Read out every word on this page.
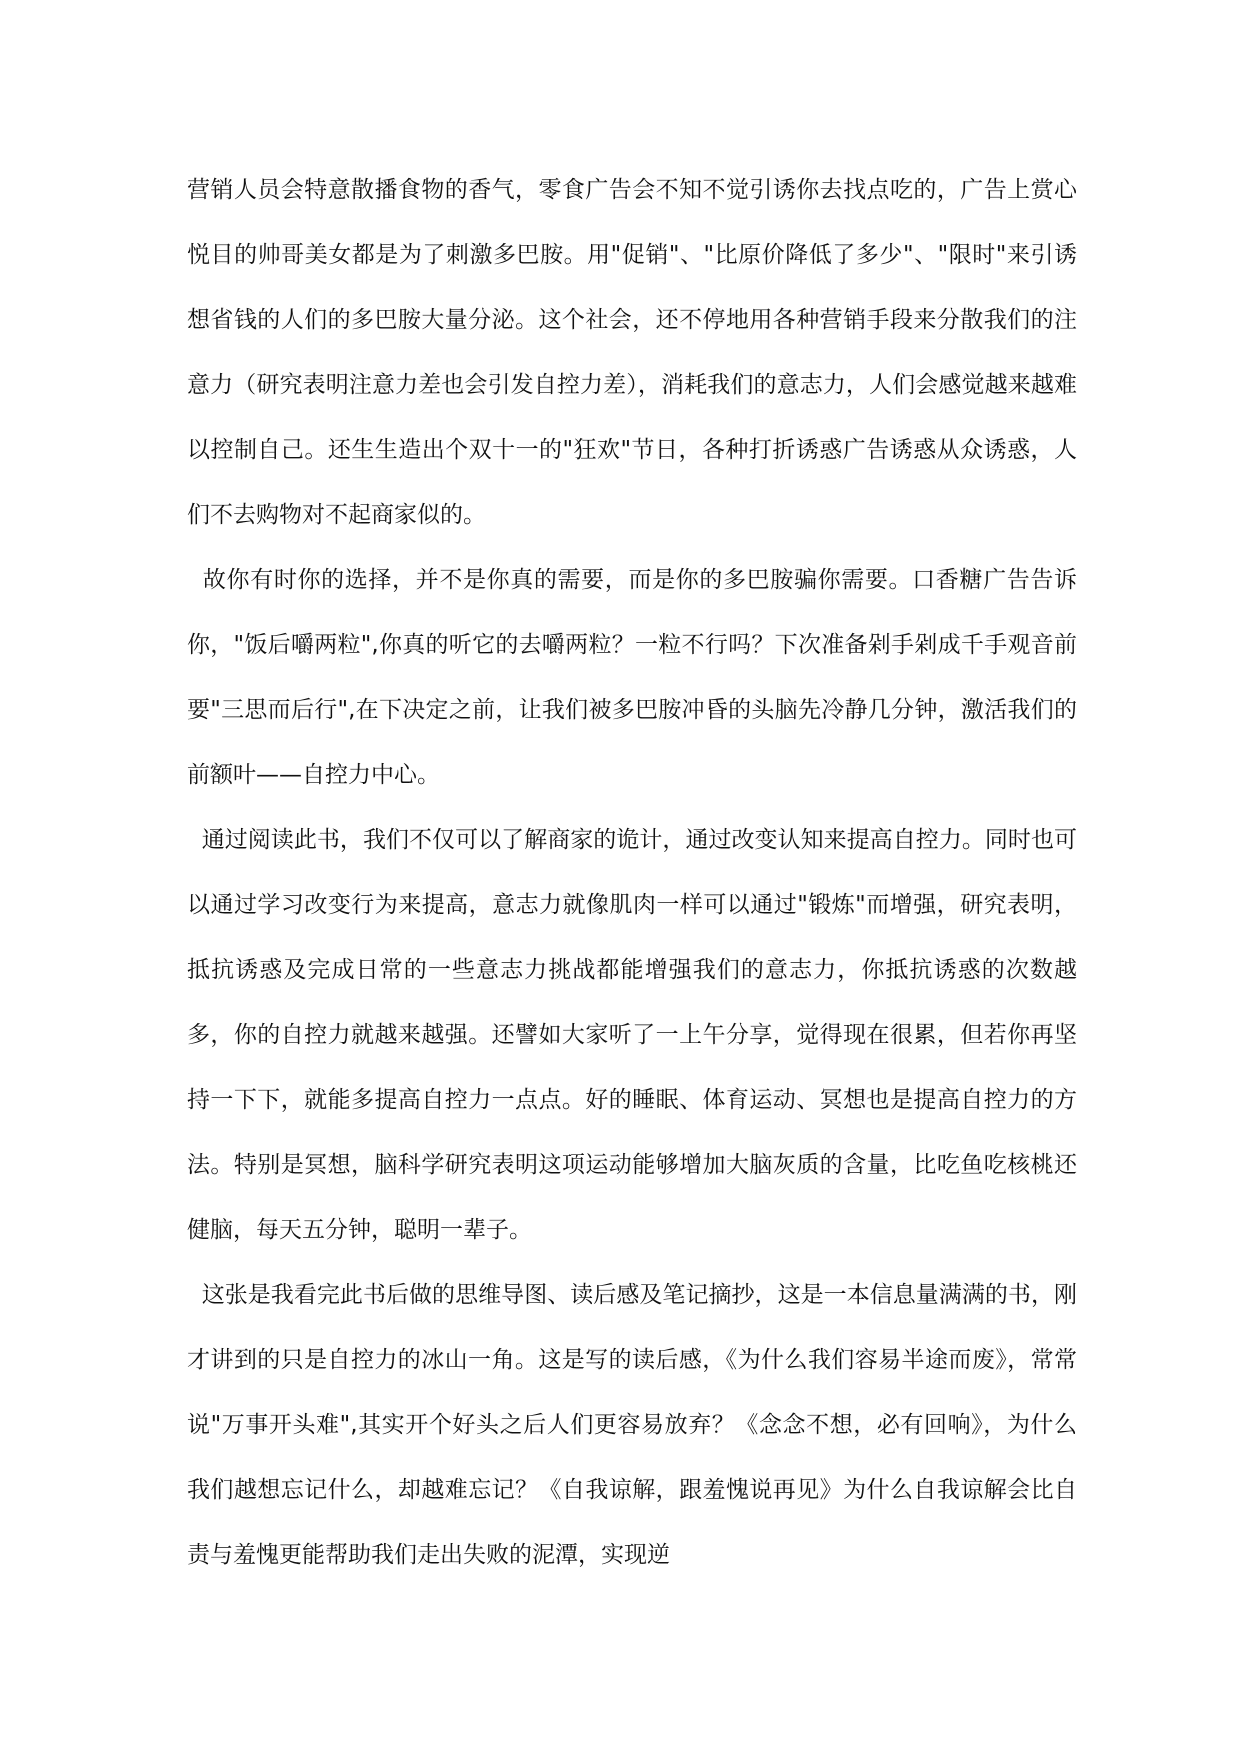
营销人员会特意散播食物的香气，零食广告会不知不觉引诱你去找点吃的，广告上赏心悦目的帅哥美女都是为了刺激多巴胺。用"促销"、"比原价降低了多少"、"限时"来引诱想省钱的人们的多巴胺大量分泌。这个社会，还不停地用各种营销手段来分散我们的注意力（研究表明注意力差也会引发自控力差），消耗我们的意志力，人们会感觉越来越难以控制自己。还生生造出个双十一的"狂欢"节日，各种打折诱惑广告诱惑从众诱惑，人们不去购物对不起商家似的。

故你有时你的选择，并不是你真的需要，而是你的多巴胺骗你需要。口香糖广告告诉你，"饭后嚼两粒",你真的听它的去嚼两粒？一粒不行吗？下次准备剁手剁成千手观音前要"三思而后行",在下决定之前，让我们被多巴胺冲昏的头脑先冷静几分钟，激活我们的前额叶——自控力中心。

通过阅读此书，我们不仅可以了解商家的诡计，通过改变认知来提高自控力。同时也可以通过学习改变行为来提高，意志力就像肌肉一样可以通过"锻炼"而增强，研究表明，抵抗诱惑及完成日常的一些意志力挑战都能增强我们的意志力，你抵抗诱惑的次数越多，你的自控力就越来越强。还譬如大家听了一上午分享，觉得现在很累，但若你再坚持一下下，就能多提高自控力一点点。好的睡眠、体育运动、冥想也是提高自控力的方法。特别是冥想，脑科学研究表明这项运动能够增加大脑灰质的含量，比吃鱼吃核桃还健脑，每天五分钟，聪明一辈子。

这张是我看完此书后做的思维导图、读后感及笔记摘抄，这是一本信息量满满的书，刚才讲到的只是自控力的冰山一角。这是写的读后感，《为什么我们容易半途而废》，常常说"万事开头难",其实开个好头之后人们更容易放弃？《念念不想，必有回响》，为什么我们越想忘记什么，却越难忘记？《自我谅解，跟羞愧说再见》为什么自我谅解会比自责与羞愧更能帮助我们走出失败的泥潭，实现逆
